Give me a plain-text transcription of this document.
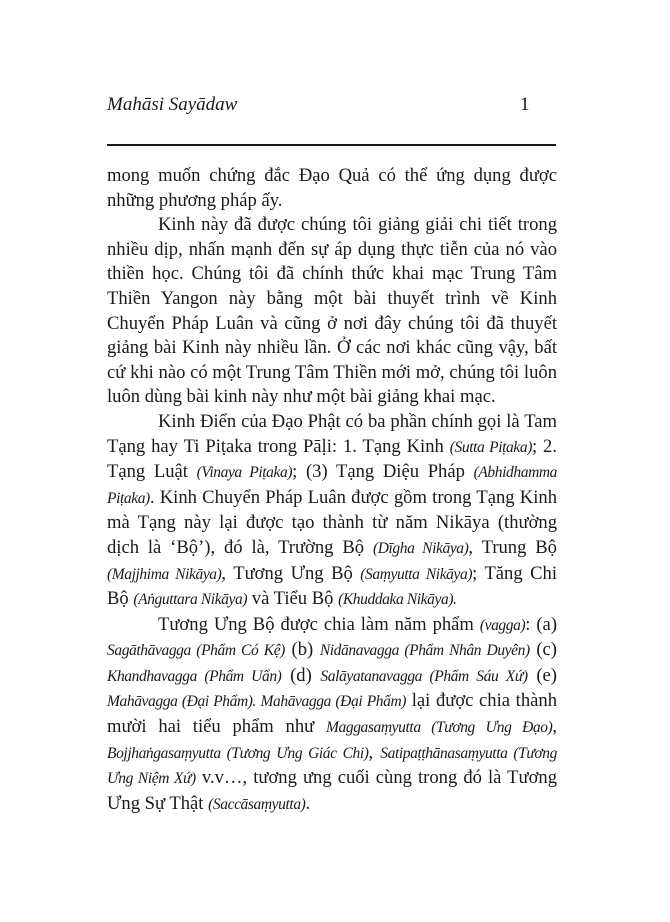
Mahāsi Sayādaw	1

mong muốn chứng đắc Đạo Quả có thể ứng dụng được những phương pháp ấy.

Kinh này đã được chúng tôi giảng giải chi tiết trong nhiều dịp, nhấn mạnh đến sự áp dụng thực tiễn của nó vào thiền học. Chúng tôi đã chính thức khai mạc Trung Tâm Thiền Yangon này bằng một bài thuyết trình về Kinh Chuyển Pháp Luân và cũng ở nơi đây chúng tôi đã thuyết giảng bài Kinh này nhiều lần. Ở các nơi khác cũng vậy, bất cứ khi nào có một Trung Tâm Thiền mới mở, chúng tôi luôn luôn dùng bài kinh này như một bài giảng khai mạc.

Kinh Điển của Đạo Phật có ba phần chính gọi là Tam Tạng hay Ti Piṭaka trong Pāḷi: 1. Tạng Kinh (Sutta Piṭaka); 2. Tạng Luật (Vinaya Piṭaka); (3) Tạng Diệu Pháp (Abhidhamma Piṭaka). Kinh Chuyển Pháp Luân được gồm trong Tạng Kinh mà Tạng này lại được tạo thành từ năm Nikāya (thường dịch là ‘Bộ’), đó là, Trường Bộ (Dīgha Nikāya), Trung Bộ (Majjhima Nikāya), Tương Ưng Bộ (Saṃyutta Nikāya); Tăng Chi Bộ (Aṅguttara Nikāya) và Tiểu Bộ (Khuddaka Nikāya).

Tương Ưng Bộ được chia làm năm phẩm (vagga): (a) Sagāthāvagga (Phẩm Có Kệ) (b) Nidānavagga (Phẩm Nhân Duyên) (c) Khandhavagga (Phẩm Uẩn) (d) Salāyatanavagga (Phẩm Sáu Xứ) (e) Mahāvagga (Đại Phẩm). Mahāvagga (Đại Phẩm) lại được chia thành mười hai tiểu phẩm như Maggasaṃyutta (Tương Ưng Đạo), Bojjhaṅgasaṃyutta (Tương Ưng Giác Chi), Satipaṭṭhānasaṃyutta (Tương Ưng Niệm Xứ) v.v…, tương ưng cuối cùng trong đó là Tương Ưng Sự Thật (Saccāsaṃyutta).
